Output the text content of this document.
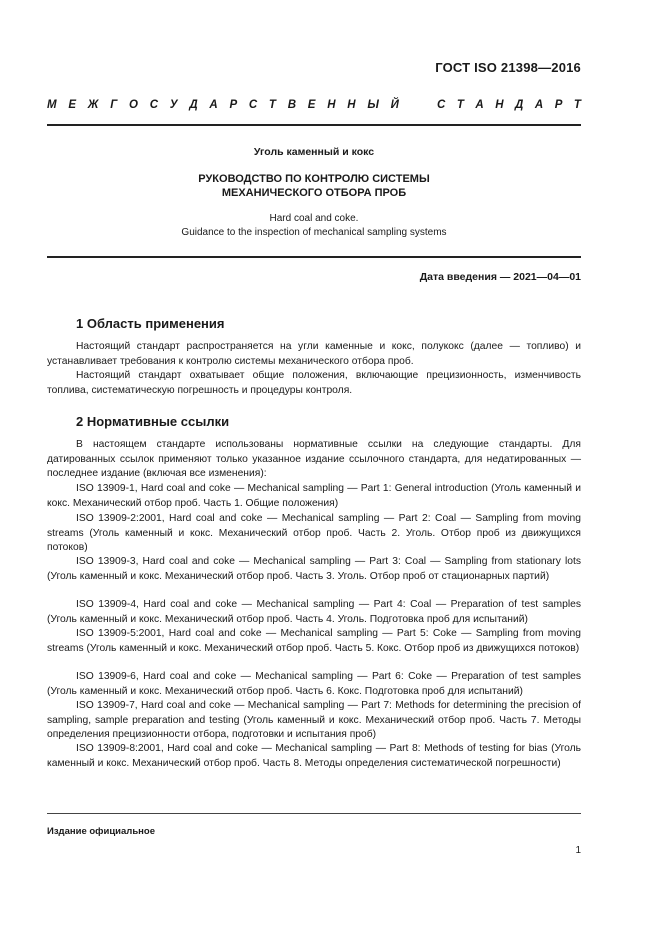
ГОСТ ISO 21398—2016
М Е Ж Г О С У Д А Р С Т В Е Н Н Ы Й	С Т А Н Д А Р Т
Уголь каменный и кокс
РУКОВОДСТВО ПО КОНТРОЛЮ СИСТЕМЫ
МЕХАНИЧЕСКОГО ОТБОРА ПРОБ
Hard coal and coke.
Guidance to the inspection of mechanical sampling systems
Дата введения — 2021—04—01
1 Область применения

Настоящий стандарт распространяется на угли каменные и кокс, полукокс (далее — топливо) и устанавливает требования к контролю системы механического отбора проб.

Настоящий стандарт охватывает общие положения, включающие прецизионность, изменчивость топлива, систематическую погрешность и процедуры контроля.

2 Нормативные ссылки

В настоящем стандарте использованы нормативные ссылки на следующие стандарты. Для датированных ссылок применяют только указанное издание ссылочного стандарта, для недатированных — последнее издание (включая все изменения):

ISO 13909-1, Hard coal and coke — Mechanical sampling — Part 1: General introduction (Уголь каменный и кокс. Механический отбор проб. Часть 1. Общие положения)

ISO 13909-2:2001, Hard coal and coke — Mechanical sampling — Part 2: Coal — Sampling from moving streams (Уголь каменный и кокс. Механический отбор проб. Часть 2. Уголь. Отбор проб из движущихся потоков)

ISO 13909-3, Hard coal and coke — Mechanical sampling — Part 3: Coal — Sampling from stationary lots (Уголь каменный и кокс. Механический отбор проб. Часть 3. Уголь. Отбор проб от стационарных партий)

ISO 13909-4, Hard coal and coke — Mechanical sampling — Part 4: Coal — Preparation of test samples (Уголь каменный и кокс. Механический отбор проб. Часть 4. Уголь. Подготовка проб для испытаний)

ISO 13909-5:2001, Hard coal and coke — Mechanical sampling — Part 5: Coke — Sampling from moving streams (Уголь каменный и кокс. Механический отбор проб. Часть 5. Кокс. Отбор проб из движущихся потоков)

ISO 13909-6, Hard coal and coke — Mechanical sampling — Part 6: Coke — Preparation of test samples (Уголь каменный и кокс. Механический отбор проб. Часть 6. Кокс. Подготовка проб для испытаний)

ISO 13909-7, Hard coal and coke — Mechanical sampling — Part 7: Methods for determining the precision of sampling, sample preparation and testing (Уголь каменный и кокс. Механический отбор проб. Часть 7. Методы определения прецизионности отбора, подготовки и испытания проб)

ISO 13909-8:2001, Hard coal and coke — Mechanical sampling — Part 8: Methods of testing for bias (Уголь каменный и кокс. Механический отбор проб. Часть 8. Методы определения систематической погрешности)

Издание официальное
1
